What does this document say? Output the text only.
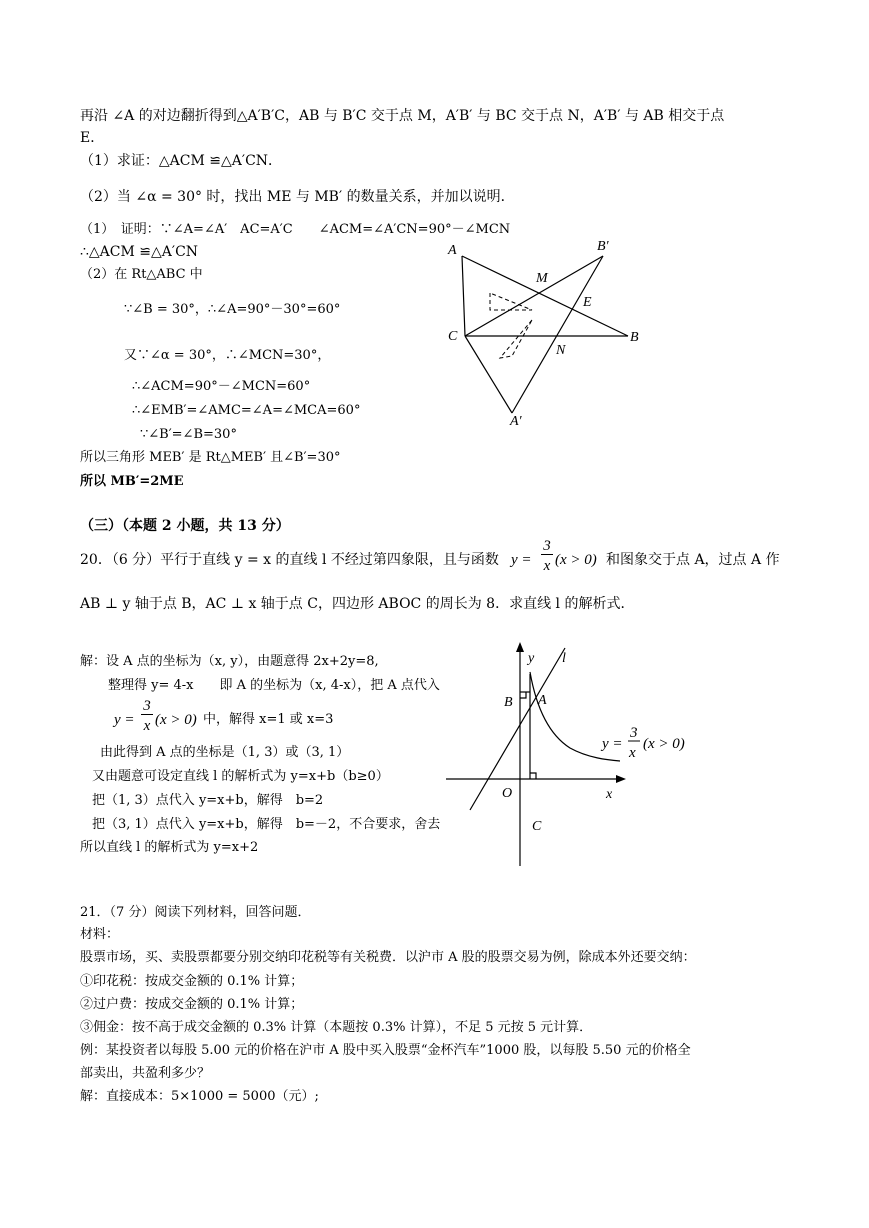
再沿 ∠A 的对边翻折得到△A′B′C，AB 与 B′C 交于点 M，A′B′ 与 BC 交于点 N，A′B′ 与 AB 相交于点
E．
（1）求证：△ACM ≌△A′CN．
（2）当 ∠α = 30° 时，找出 ME 与 MB′ 的数量关系，并加以说明．
（1）　证明：∵∠A=∠A′　AC=A′C　　∠ACM=∠A′CN=90°－∠MCN
∴△ACM ≌△A′CN
（2）在 Rt△ABC 中
∵∠B = 30°，∴∠A=90°－30°=60°
又∵∠α = 30°，∴∠MCN=30°，
∴∠ACM=90°－∠MCN=60°
∴∠EMB′=∠AMC=∠A=∠MCA=60°
∵∠B′=∠B=30°
所以三角形 MEB′ 是 Rt△MEB′ 且∠B′=30°
所以 MB′=2ME
A	B′
M
E
C	B
N
A′
（三）（本题 2 小题，共 13 分）
20．（6 分）平行于直线 y = x 的直线 l 不经过第四象限，且与函数 y =
3
x (x > 0) 和图象交于点 A，过点 A 作
AB ⊥ y 轴于点 B，AC ⊥ x 轴于点 C，四边形 ABOC 的周长为 8．求直线 l 的解析式．
解：设 A 点的坐标为（x, y），由题意得 2x+2y=8,
整理得 y= 4-x　　即 A 的坐标为（x, 4-x），把 A 点代入
y =
3
x (x > 0) 中，解得 x=1 或 x=3
由此得到 A 点的坐标是（1, 3）或（3, 1）
又由题意可设定直线 l 的解析式为 y=x+b（b≥0）
把（1, 3）点代入 y=x+b，解得　b=2
把（3, 1）点代入 y=x+b，解得　b=－2，不合要求，舍去
所以直线 l 的解析式为 y=x+2
y l
B A
O	x
C
y =
3
x
(x > 0)
21．（7 分）阅读下列材料，回答问题．
材料：
股票市场，买、卖股票都要分别交纳印花税等有关税费．以沪市 A 股的股票交易为例，除成本外还要交纳：
①印花税：按成交金额的 0.1% 计算；
②过户费：按成交金额的 0.1% 计算；
③佣金：按不高于成交金额的 0.3% 计算（本题按 0.3% 计算），不足 5 元按 5 元计算．
例：某投资者以每股 5.00 元的价格在沪市 A 股中买入股票“金杯汽车”1000 股，以每股 5.50 元的价格全
部卖出，共盈利多少？
解：直接成本：5×1000 = 5000（元）;
